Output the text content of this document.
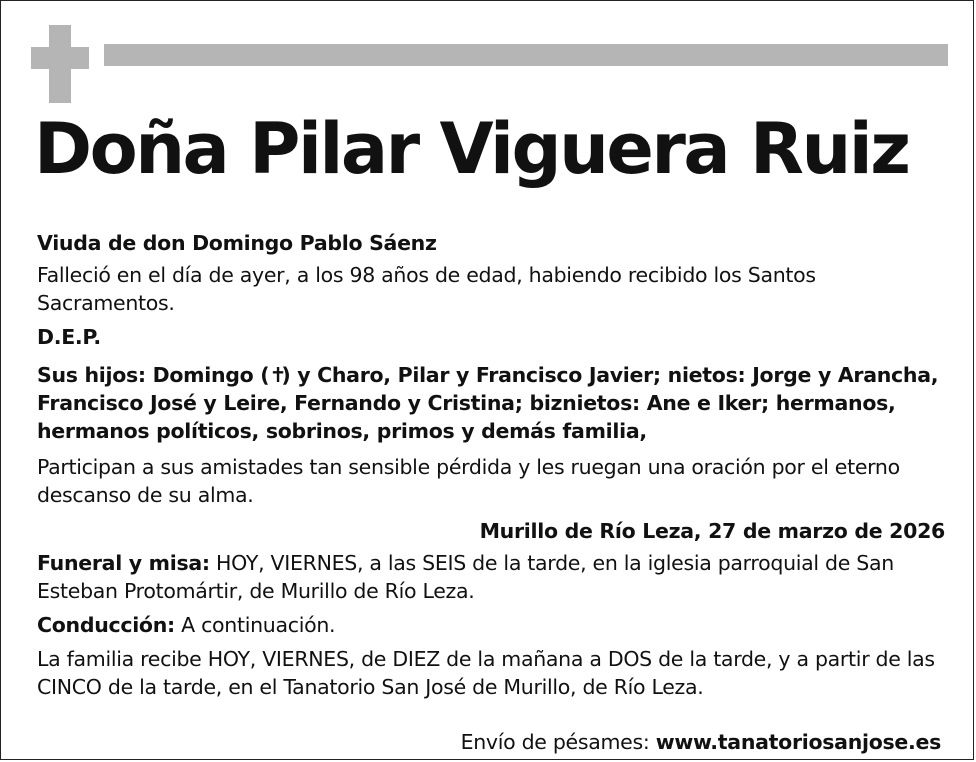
Doña Pilar Viguera Ruiz

Viuda de don Domingo Pablo Sáenz

Falleció en el día de ayer, a los 98 años de edad, habiendo recibido los Santos Sacramentos.

D.E.P.

Sus hijos: Domingo (✝) y Charo, Pilar y Francisco Javier; nietos: Jorge y Arancha, Francisco José y Leire, Fernando y Cristina; biznietos: Ane e Iker; hermanos, hermanos políticos, sobrinos, primos y demás familia,

Participan a sus amistades tan sensible pérdida y les ruegan una oración por el eterno descanso de su alma.

Murillo de Río Leza, 27 de marzo de 2026

Funeral y misa: HOY, VIERNES, a las SEIS de la tarde, en la iglesia parroquial de San Esteban Protomártir, de Murillo de Río Leza.

Conducción: A continuación.

La familia recibe HOY, VIERNES, de DIEZ de la mañana a DOS de la tarde, y a partir de las CINCO de la tarde, en el Tanatorio San José de Murillo, de Río Leza.

Envío de pésames: www.tanatoriosanjose.es
